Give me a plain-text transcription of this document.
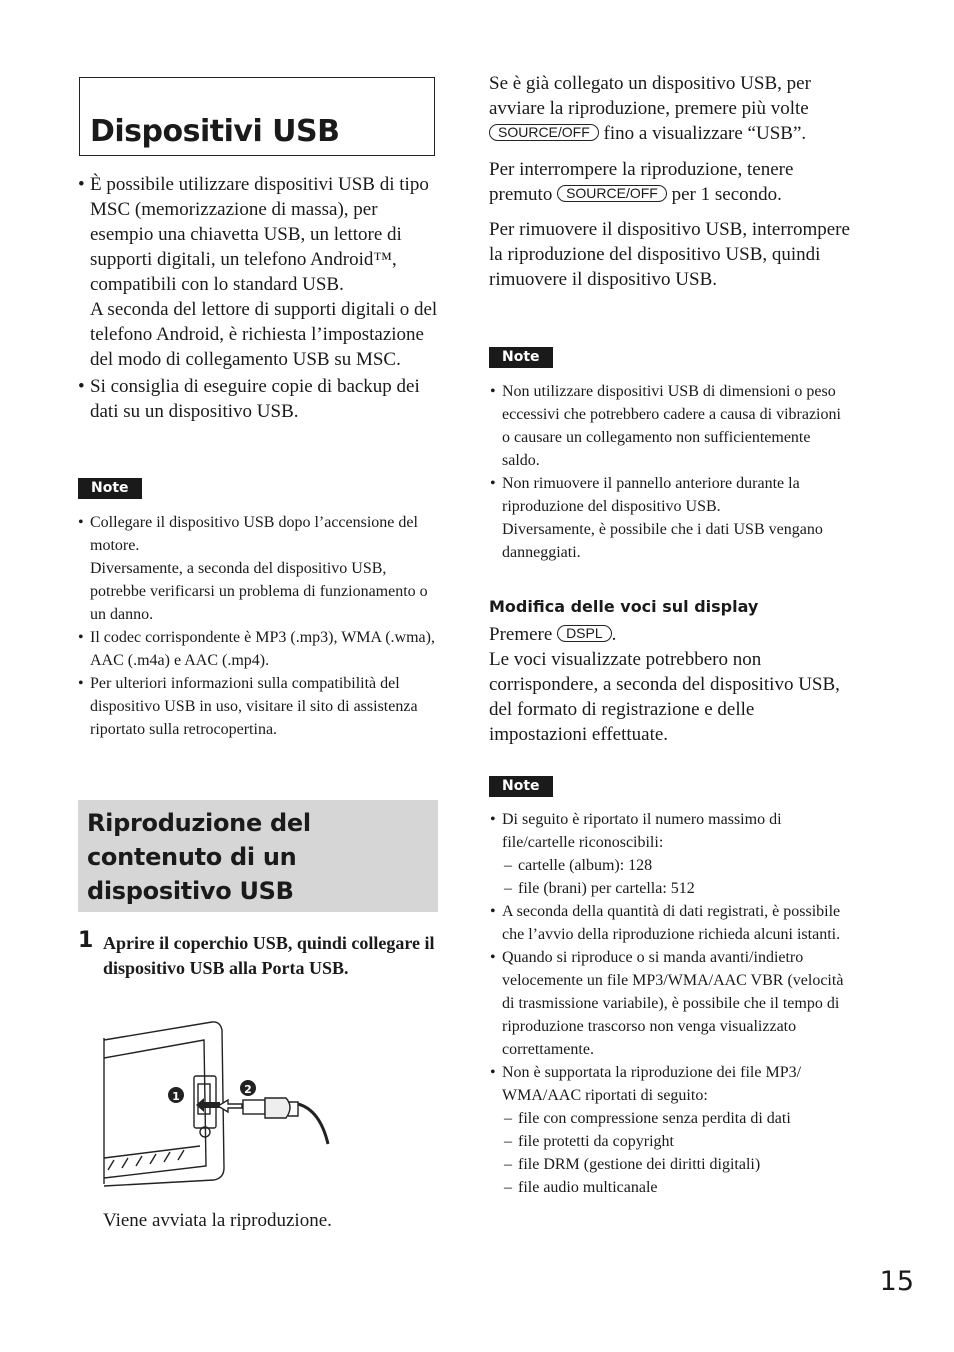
Dispositivi USB
• È possibile utilizzare dispositivi USB di tipo MSC (memorizzazione di massa), per esempio una chiavetta USB, un lettore di supporti digitali, un telefono Android™, compatibili con lo standard USB.
A seconda del lettore di supporti digitali o del telefono Android, è richiesta l’impostazione del modo di collegamento USB su MSC.
• Si consiglia di eseguire copie di backup dei dati su un dispositivo USB.
Note
• Collegare il dispositivo USB dopo l’accensione del motore.
Diversamente, a seconda del dispositivo USB, potrebbe verificarsi un problema di funzionamento o un danno.
• Il codec corrispondente è MP3 (.mp3), WMA (.wma), AAC (.m4a) e AAC (.mp4).
• Per ulteriori informazioni sulla compatibilità del dispositivo USB in uso, visitare il sito di assistenza riportato sulla retrocopertina.
Riproduzione del contenuto di un dispositivo USB
1 Aprire il coperchio USB, quindi collegare il dispositivo USB alla Porta USB.
1
2
Viene avviata la riproduzione.

Se è già collegato un dispositivo USB, per avviare la riproduzione, premere più volte SOURCE/OFF fino a visualizzare “USB”.

Per interrompere la riproduzione, tenere premuto SOURCE/OFF per 1 secondo.

Per rimuovere il dispositivo USB, interrompere la riproduzione del dispositivo USB, quindi rimuovere il dispositivo USB.

Note
• Non utilizzare dispositivi USB di dimensioni o peso eccessivi che potrebbero cadere a causa di vibrazioni o causare un collegamento non sufficientemente saldo.
• Non rimuovere il pannello anteriore durante la riproduzione del dispositivo USB.
Diversamente, è possibile che i dati USB vengano danneggiati.
Modifica delle voci sul display
Premere DSPL .
Le voci visualizzate potrebbero non corrispondere, a seconda del dispositivo USB, del formato di registrazione e delle impostazioni effettuate.
Note
• Di seguito è riportato il numero massimo di file/cartelle riconoscibili:
– cartelle (album): 128
– file (brani) per cartella: 512
• A seconda della quantità di dati registrati, è possibile che l’avvio della riproduzione richieda alcuni istanti.
• Quando si riproduce o si manda avanti/indietro velocemente un file MP3/WMA/AAC VBR (velocità di trasmissione variabile), è possibile che il tempo di riproduzione trascorso non venga visualizzato correttamente.
• Non è supportata la riproduzione dei file MP3/ WMA/AAC riportati di seguito:
– file con compressione senza perdita di dati
– file protetti da copyright
– file DRM (gestione dei diritti digitali)
– file audio multicanale
15
